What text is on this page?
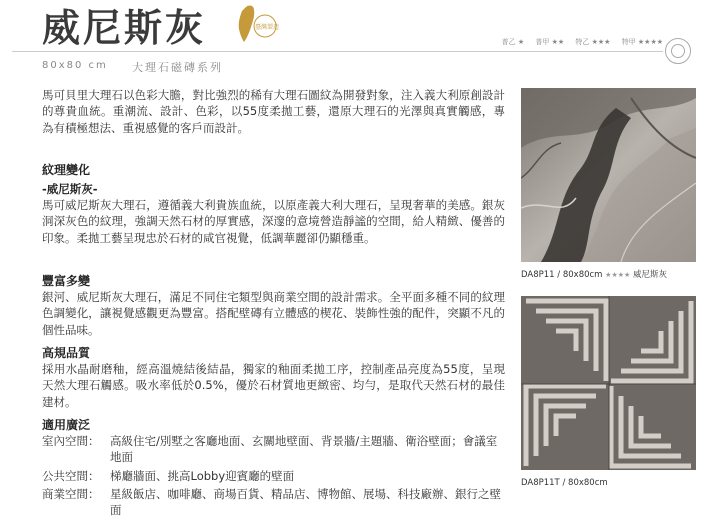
威尼斯灰	臺灣製造
普乙 ★ 普甲 ★★ 特乙 ★★★ 特甲 ★★★★
80x80 cm 大理石磁磚系列

馬可貝里大理石以色彩大膽，對比強烈的稀有大理石圖紋為開發對象，注入義大利原創設計的尊貴血統。重潮流、設計、色彩，以55度柔拋工藝，還原大理石的光澤與真實觸感，專為有積極想法、重視感覺的客戶而設計。

紋理變化
-威尼斯灰-

馬可威尼斯灰大理石，遵循義大利貴族血統，以原產義大利大理石，呈現奢華的美感。銀灰洞深灰色的紋理，強調天然石材的厚實感，深邃的意境營造靜謐的空間，給人精緻、優善的印象。柔拋工藝呈現忠於石材的咸官視覺，低調華麗卻仍顯穩重。

豐富多變

銀河、威尼斯灰大理石，滿足不同住宅類型與商業空間的設計需求。全平面多種不同的紋理色調變化，讓視覺感觀更為豐富。搭配壁磚有立體感的楔花、裝飾性強的配件，突顯不凡的個性品味。

高規品質

採用水晶耐磨釉，經高溫燒結後結晶，獨家的釉面柔拋工序，控制產品亮度為55度，呈現天然大理石觸感。吸水率低於0.5%，優於石材質地更緻密、均勻，是取代天然石材的最佳建材。

適用廣泛
室內空間： 高級住宅/別墅之客廳地面、玄關地壁面、背景牆/主題牆、衛浴壁面；會議室地面
公共空間： 梯廳牆面、挑高Lobby迎賓廳的壁面
商業空間： 星級飯店、咖啡廳、商場百貨、精品店、博物館、展場、科技廠辦、銀行之壁面
DA8P11 / 80x80cm ★★★★ 威尼斯灰
DA8P11T / 80x80cm
